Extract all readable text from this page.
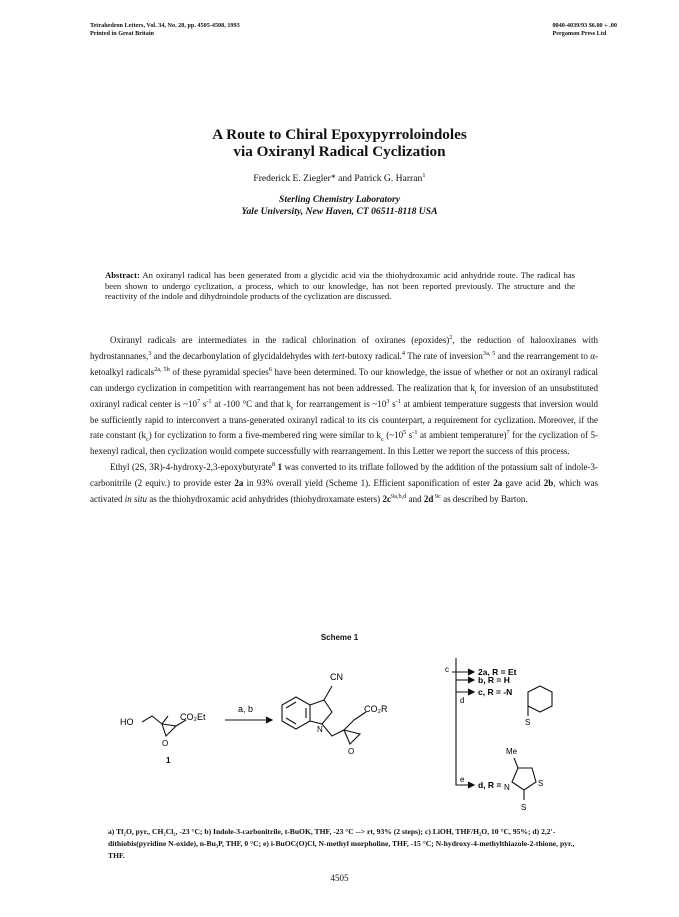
Tetrahedron Letters, Vol. 34, No. 28, pp. 4505-4508, 1993
Printed in Great Britain
0040-4039/93 $6.00 + .00
Pergamon Press Ltd
A Route to Chiral Epoxypyrroloindoles
via Oxiranyl Radical Cyclization
Frederick E. Ziegler* and Patrick G. Harran$^1$
Sterling Chemistry Laboratory
Yale University, New Haven, CT 06511-8118 USA
Abstract: An oxiranyl radical has been generated from a glycidic acid via the thiohydroxamic acid anhydride route. The radical has been shown to undergo cyclization, a process, which to our knowledge, has not been reported previously. The structure and the reactivity of the indole and dihydroindole products of the cyclization are discussed.

Oxiranyl radicals are intermediates in the radical chlorination of oxiranes (epoxides)$^2$, the reduction of halooxiranes with hydrostannanes,$^3$ and the decarbonylation of glycidaldehydes with tert-butoxy radical.$^4$ The rate of inversion$^{3a, 5}$ and the rearrangement to α-ketoalkyl radicals$^{2a, 5b}$ of these pyramidal species$^6$ have been determined. To our knowledge, the issue of whether or not an oxiranyl radical can undergo cyclization in competition with rearrangement has not been addressed. The realization that $k_i$ for inversion of an unsubstituted oxiranyl radical center is $\sim 10^7$ $s^{-1}$ at -100 °C and that $k_r$ for rearrangement is $\sim 10^3$ $s^{-1}$ at ambient temperature suggests that inversion would be sufficiently rapid to interconvert a trans-generated oxiranyl radical to its cis counterpart, a requirement for cyclization. Moreover, if the rate constant $(k_c)$ for cyclization to form a five-membered ring were similar to $k_c$ ($\sim 10^5$ $s^{-1}$ at ambient temperature)$^7$ for the cyclization of 5-hexenyl radical, then cyclization would compete successfully with rearrangement. In this Letter we report the success of this process.

Ethyl (2S, 3R)-4-hydroxy-2,3-epoxybutyrate$^8$ 1 was converted to its triflate followed by the addition of the potassium salt of indole-3-carbonitrile (2 equiv.) to provide ester 2a in 93% overall yield (Scheme 1). Efficient saponification of ester 2a gave acid 2b, which was activated in situ as the thiohydroxamic acid anhydrides (thiohydroxamate esters) $2c^{9a,b,d}$ and 2d $^{9c}$ as described by Barton.

Scheme 1
HO
O
CO₂Et
1
a, b
CN
N
CO₂R
O
2a, R = Et
b, R = H
c, R = -N
c
d
e
S
Me
d, R = N	S
S
a) Tf₂O, pyr., CH₂Cl₂, -23 °C; b) Indole-3-carbonitrile, t-BuOK, THF, -23 °C --> rt, 93% (2 steps); c) LiOH, THF/H₂O, 10 °C, 95%; d) 2,2'-dithiobis(pyridine N-oxide), n-Bu₃P, THF, 0 °C; e) i-BuOC(O)Cl, N-methyl morpholine, THF, -15 °C; N-hydroxy-4-methylthiazole-2-thione, pyr., THF.
4505
